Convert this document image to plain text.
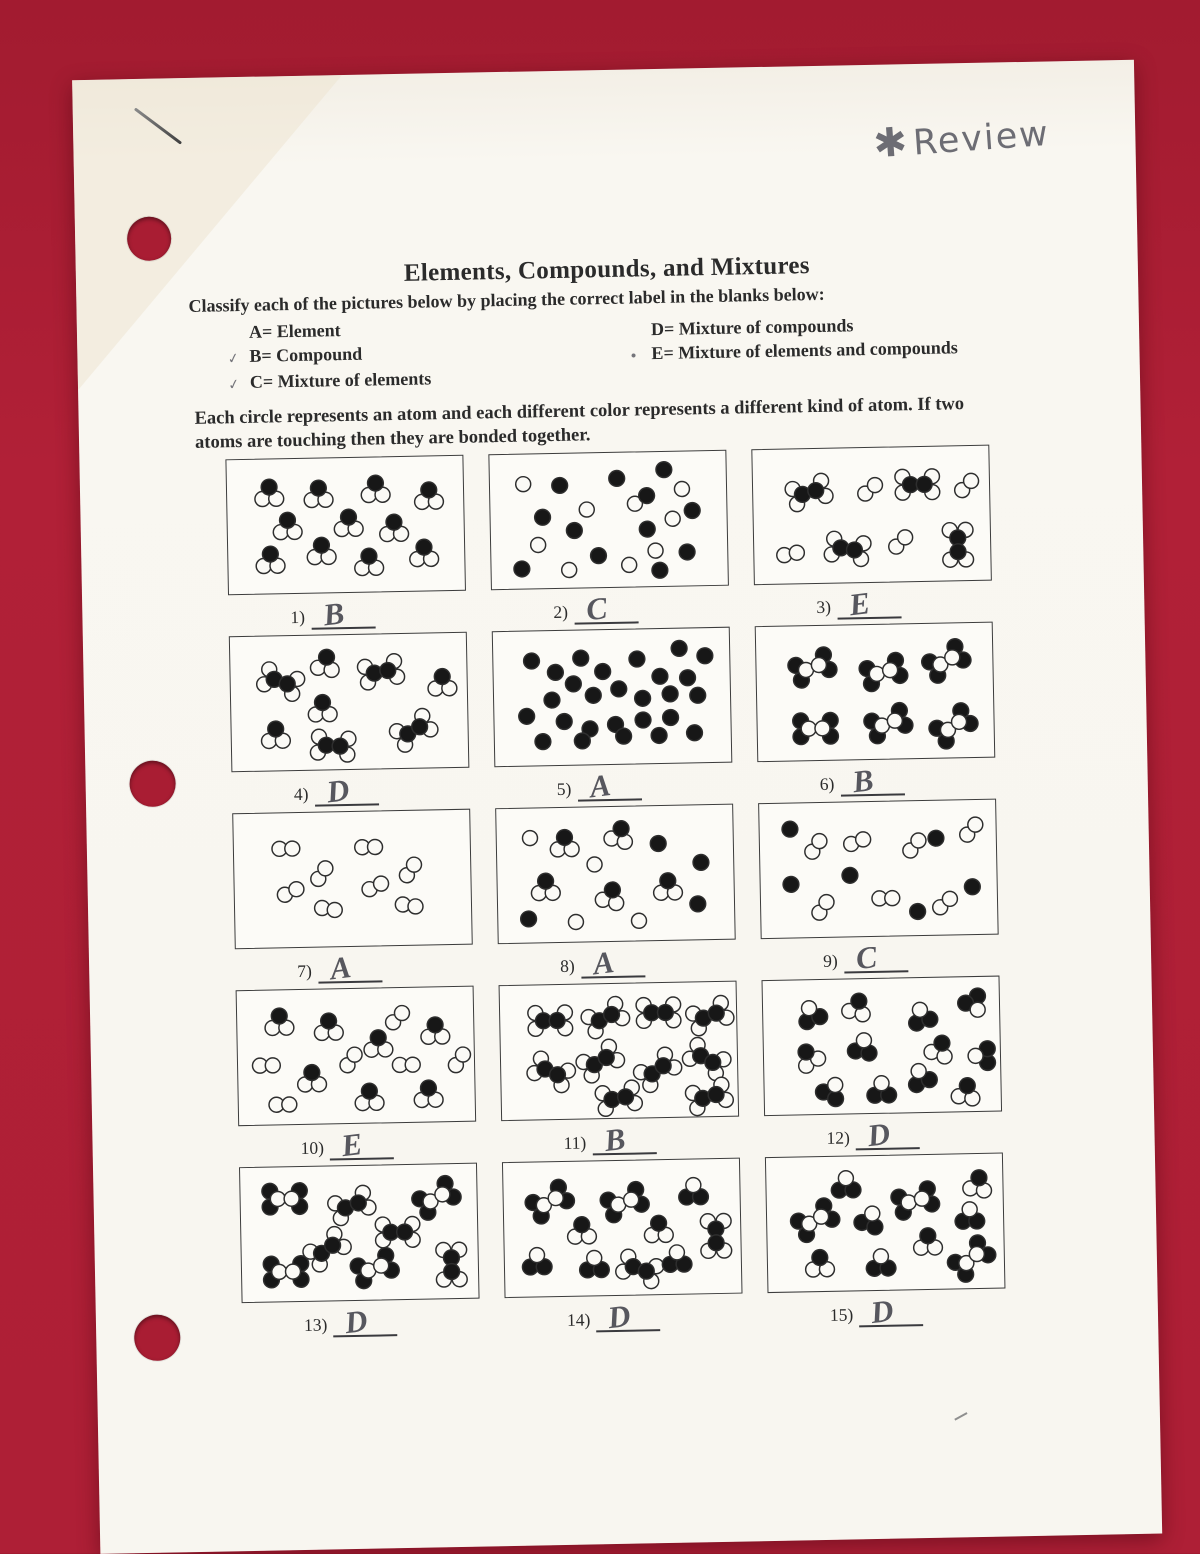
✱Review
Elements, Compounds, and Mixtures
Classify each of the pictures below by placing the correct label in the blanks below:
A= Element
✓ B= Compound
✓ C= Mixture of elements
D= Mixture of compounds
• E= Mixture of elements and compounds
Each circle represents an atom and each different color represents a different kind of atom. If two atoms are touching then they are bonded together.
1) B	2) C	3) E
4) D	5) A	6) B
7) A	8) A	9) C
10) E	11) B	12) D
13) D	14) D	15) D
